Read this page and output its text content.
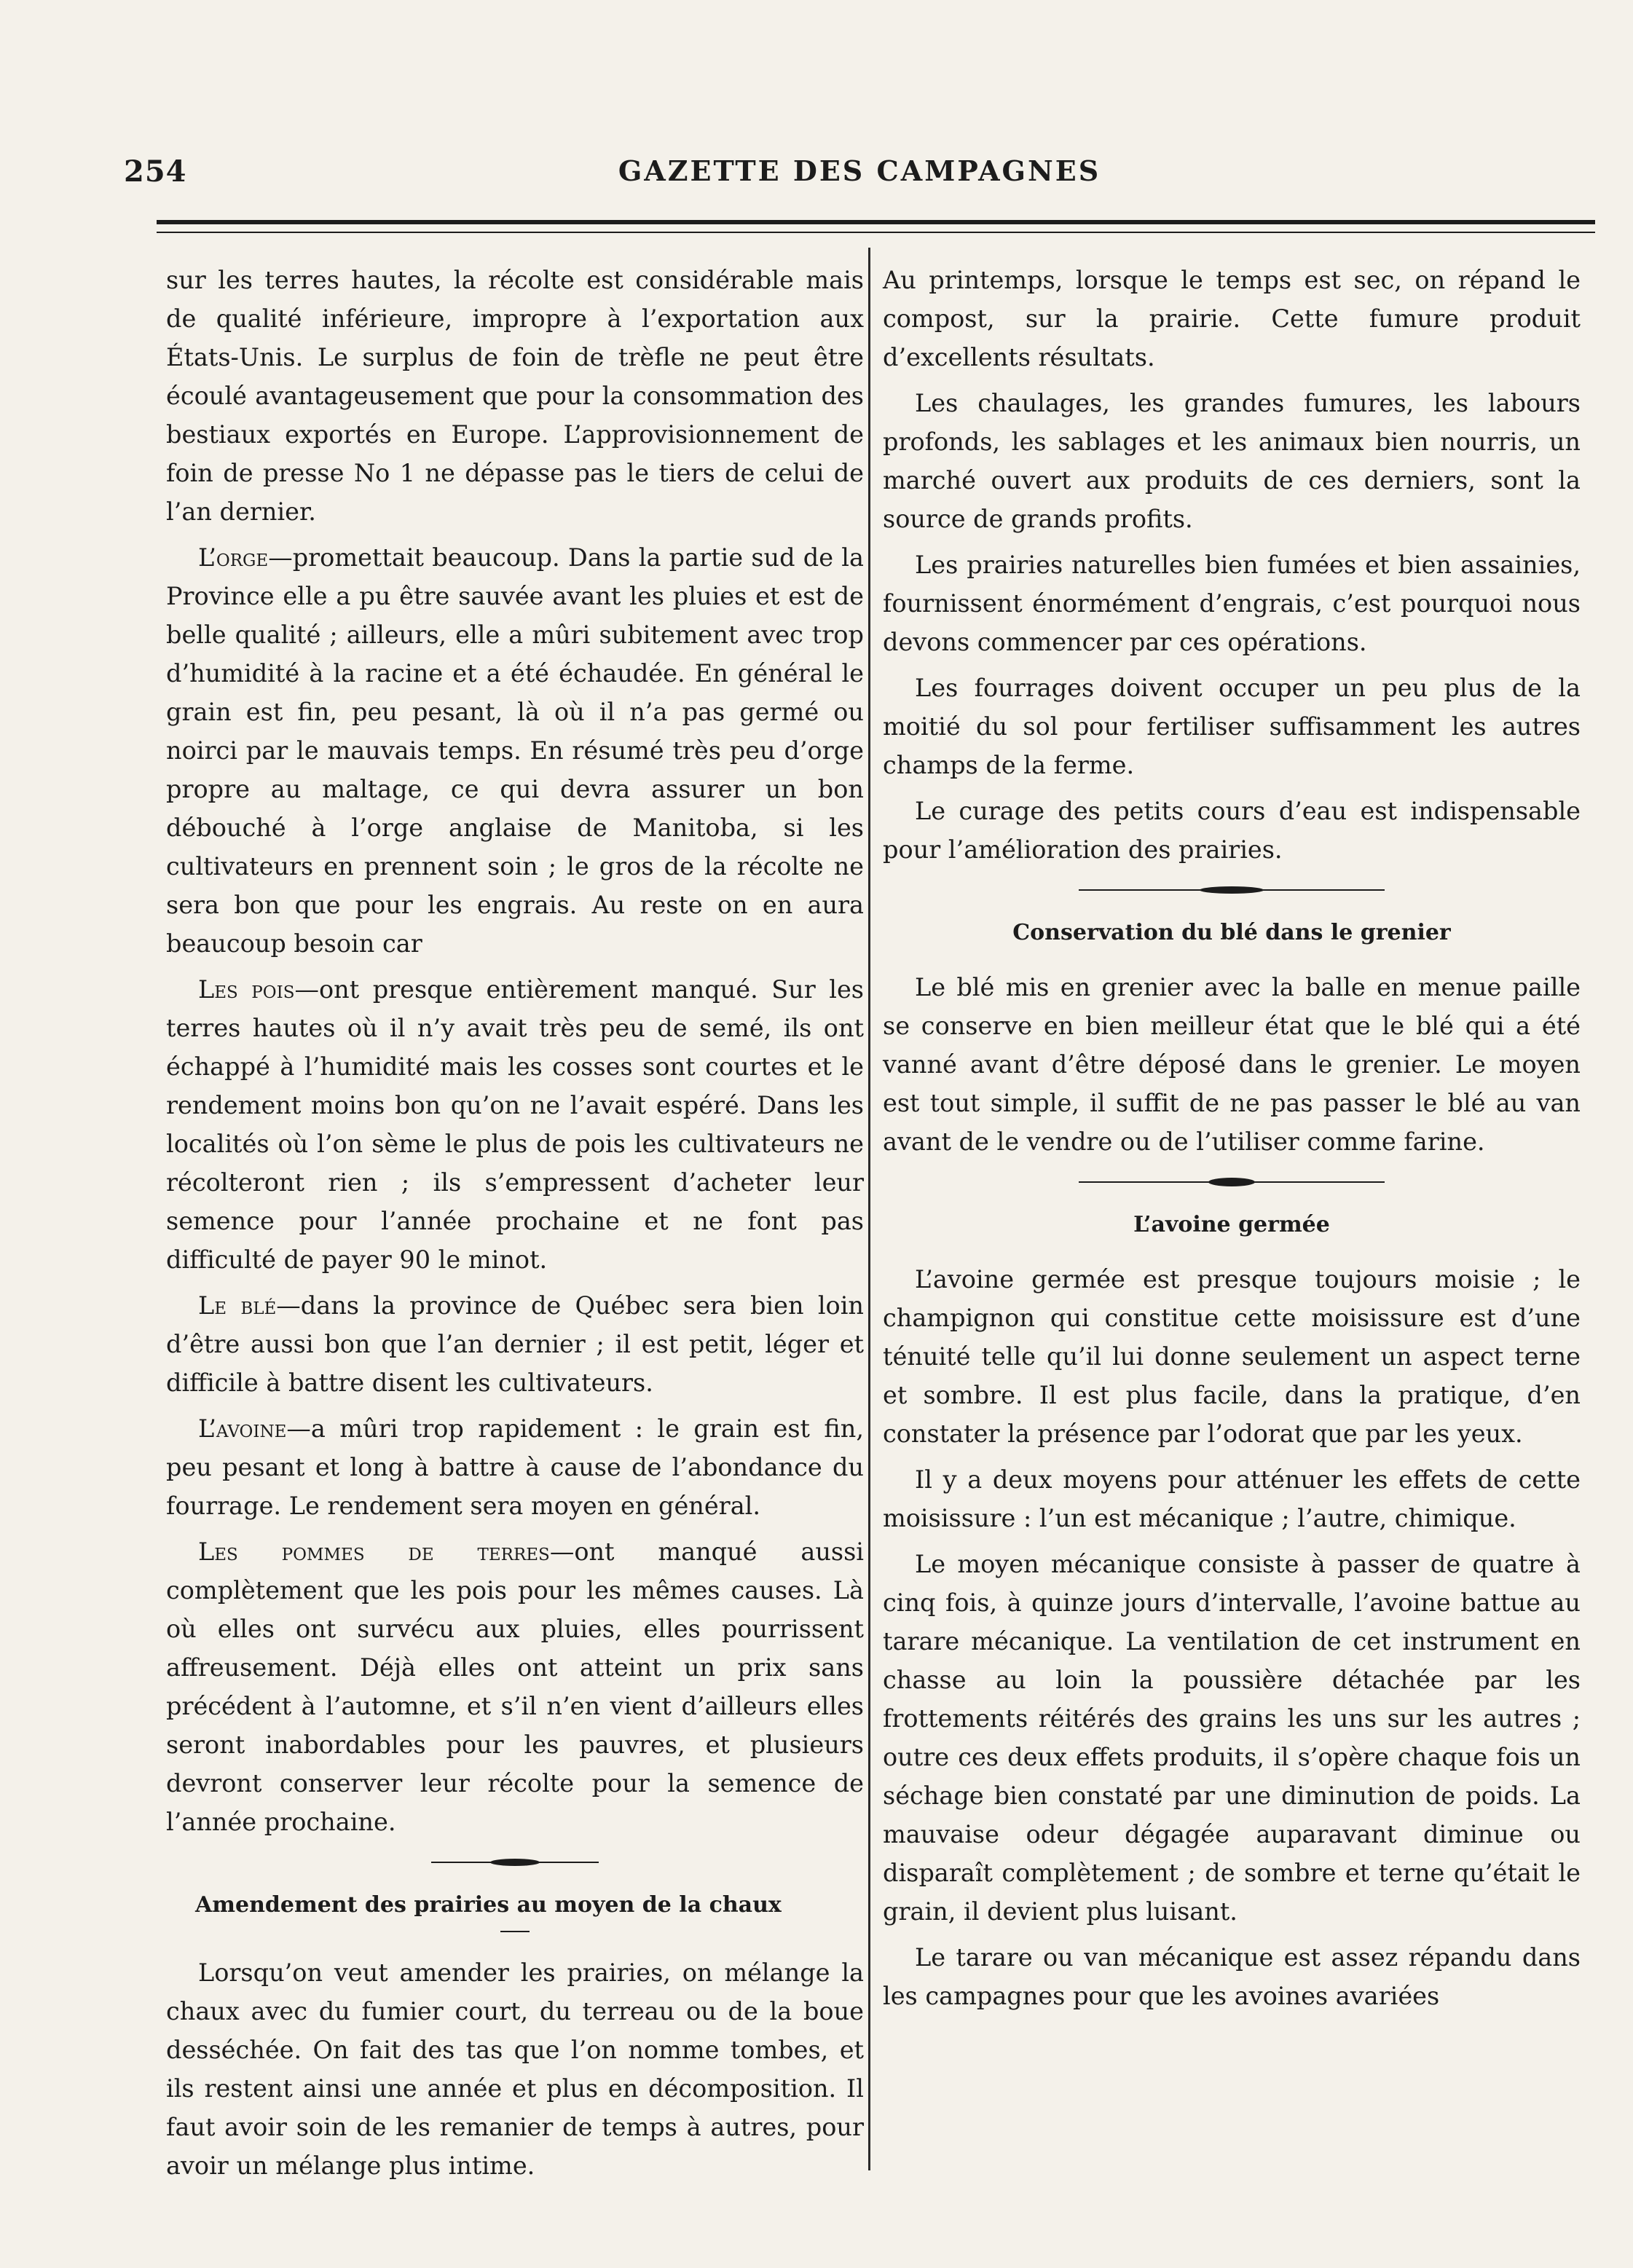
254	GAZETTE DES CAMPAGNES

sur les terres hautes, la récolte est considérable mais de qualité inférieure, impropre à l’exportation aux États-Unis. Le surplus de foin de trèfle ne peut être écoulé avantageusement que pour la consommation des bestiaux exportés en Europe. L’approvisionnement de foin de presse No 1 ne dépasse pas le tiers de celui de l’an dernier.

L’orge—promettait beaucoup. Dans la partie sud de la Province elle a pu être sauvée avant les pluies et est de belle qualité ; ailleurs, elle a mûri subitement avec trop d’humidité à la racine et a été échaudée. En général le grain est fin, peu pesant, là où il n’a pas germé ou noirci par le mauvais temps. En résumé très peu d’orge propre au maltage, ce qui devra assurer un bon débouché à l’orge anglaise de Manitoba, si les cultivateurs en prennent soin ; le gros de la récolte ne sera bon que pour les engrais. Au reste on en aura beaucoup besoin car

Les pois—ont presque entièrement manqué. Sur les terres hautes où il n’y avait très peu de semé, ils ont échappé à l’humidité mais les cosses sont courtes et le rendement moins bon qu’on ne l’avait espéré. Dans les localités où l’on sème le plus de pois les cultivateurs ne récolteront rien ; ils s’empressent d’acheter leur semence pour l’année prochaine et ne font pas difficulté de payer 90 le minot.

Le blé—dans la province de Québec sera bien loin d’être aussi bon que l’an dernier ; il est petit, léger et difficile à battre disent les cultivateurs.

L’avoine—a mûri trop rapidement : le grain est fin, peu pesant et long à battre à cause de l’abondance du fourrage. Le rendement sera moyen en général.

Les pommes de terres—ont manqué aussi complètement que les pois pour les mêmes causes. Là où elles ont survécu aux pluies, elles pourrissent affreusement. Déjà elles ont atteint un prix sans précédent à l’automne, et s’il n’en vient d’ailleurs elles seront inabordables pour les pauvres, et plusieurs devront conserver leur récolte pour la semence de l’année prochaine.

Amendement des prairies au moyen de la chaux

Lorsqu’on veut amender les prairies, on mélange la chaux avec du fumier court, du terreau ou de la boue desséchée. On fait des tas que l’on nomme tombes, et ils restent ainsi une année et plus en décomposition. Il faut avoir soin de les remanier de temps à autres, pour avoir un mélange plus intime.

Au printemps, lorsque le temps est sec, on répand le compost, sur la prairie. Cette fumure produit d’excellents résultats.

Les chaulages, les grandes fumures, les labours profonds, les sablages et les animaux bien nourris, un marché ouvert aux produits de ces derniers, sont la source de grands profits.

Les prairies naturelles bien fumées et bien assainies, fournissent énormément d’engrais, c’est pourquoi nous devons commencer par ces opérations.

Les fourrages doivent occuper un peu plus de la moitié du sol pour fertiliser suffisamment les autres champs de la ferme.

Le curage des petits cours d’eau est indispensable pour l’amélioration des prairies.

Conservation du blé dans le grenier

Le blé mis en grenier avec la balle en menue paille se conserve en bien meilleur état que le blé qui a été vanné avant d’être déposé dans le grenier. Le moyen est tout simple, il suffit de ne pas passer le blé au van avant de le vendre ou de l’utiliser comme farine.

L’avoine germée

L’avoine germée est presque toujours moisie ; le champignon qui constitue cette moisissure est d’une ténuité telle qu’il lui donne seulement un aspect terne et sombre. Il est plus facile, dans la pratique, d’en constater la présence par l’odorat que par les yeux.

Il y a deux moyens pour atténuer les effets de cette moisissure : l’un est mécanique ; l’autre, chimique.

Le moyen mécanique consiste à passer de quatre à cinq fois, à quinze jours d’intervalle, l’avoine battue au tarare mécanique. La ventilation de cet instrument en chasse au loin la poussière détachée par les frottements réitérés des grains les uns sur les autres ; outre ces deux effets produits, il s’opère chaque fois un séchage bien constaté par une diminution de poids. La mauvaise odeur dégagée auparavant diminue ou disparaît complètement ; de sombre et terne qu’était le grain, il devient plus luisant.

Le tarare ou van mécanique est assez répandu dans les campagnes pour que les avoines avariées
